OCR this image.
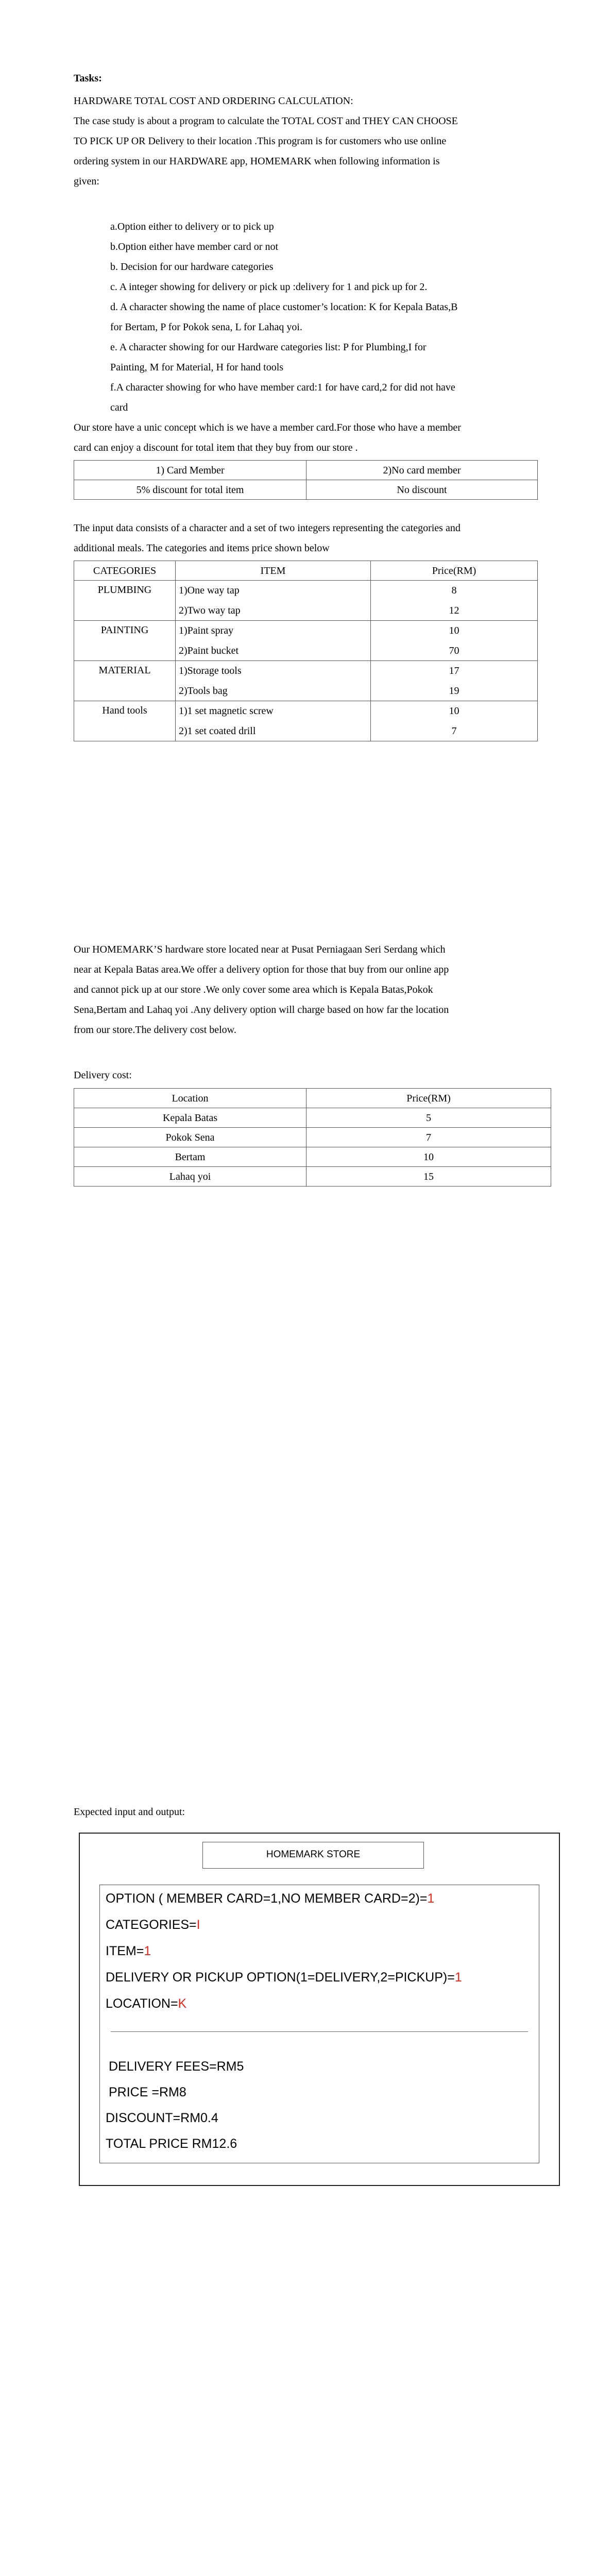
Tasks:
HARDWARE TOTAL COST AND ORDERING CALCULATION:
The case study is about a program to calculate the TOTAL COST and THEY CAN CHOOSE
TO PICK UP OR Delivery to their location .This program is for customers who use online
ordering system in our HARDWARE app, HOMEMARK when following information is
given:
a.Option either to delivery or to pick up
b.Option either have member card or not
b. Decision for our hardware categories
c. A integer showing for delivery or pick up :delivery for 1 and pick up for 2.
d. A character showing the name of place customer’s location: K for Kepala Batas,B
for Bertam, P for Pokok sena, L for Lahaq yoi.
e. A character showing for our Hardware categories list: P for Plumbing,I for
Painting, M for Material, H for hand tools
f.A character showing for who have member card:1 for have card,2 for did not have
card
Our store have a unic concept which is we have a member card.For those who have a member
card can enjoy a discount for total item that they buy from our store .
1) Card Member	2)No card member
5% discount for total item	No discount
The input data consists of a character and a set of two integers representing the categories and
additional meals. The categories and items price shown below
CATEGORIES	ITEM	Price(RM)
PLUMBING	1)One way tap	8
	2)Two way tap	12
PAINTING	1)Paint spray	10
	2)Paint bucket	70
MATERIAL	1)Storage tools	17
	2)Tools bag	19
Hand tools	1)1 set magnetic screw	10
	2)1 set coated drill	7
Our HOMEMARK’S hardware store located near at Pusat Perniagaan Seri Serdang which
near at Kepala Batas area.We offer a delivery option for those that buy from our online app
and cannot pick up at our store .We only cover some area which is Kepala Batas,Pokok
Sena,Bertam and Lahaq yoi .Any delivery option will charge based on how far the location
from our store.The delivery cost below.
Delivery cost:
Location	Price(RM)
Kepala Batas	5
Pokok Sena	7
Bertam	10
Lahaq yoi	15
Expected input and output:
HOMEMARK STORE
OPTION ( MEMBER CARD=1,NO MEMBER CARD=2)=1
CATEGORIES=I
ITEM=1
DELIVERY OR PICKUP OPTION(1=DELIVERY,2=PICKUP)=1
LOCATION=K
DELIVERY FEES=RM5
PRICE =RM8
DISCOUNT=RM0.4
TOTAL PRICE RM12.6
